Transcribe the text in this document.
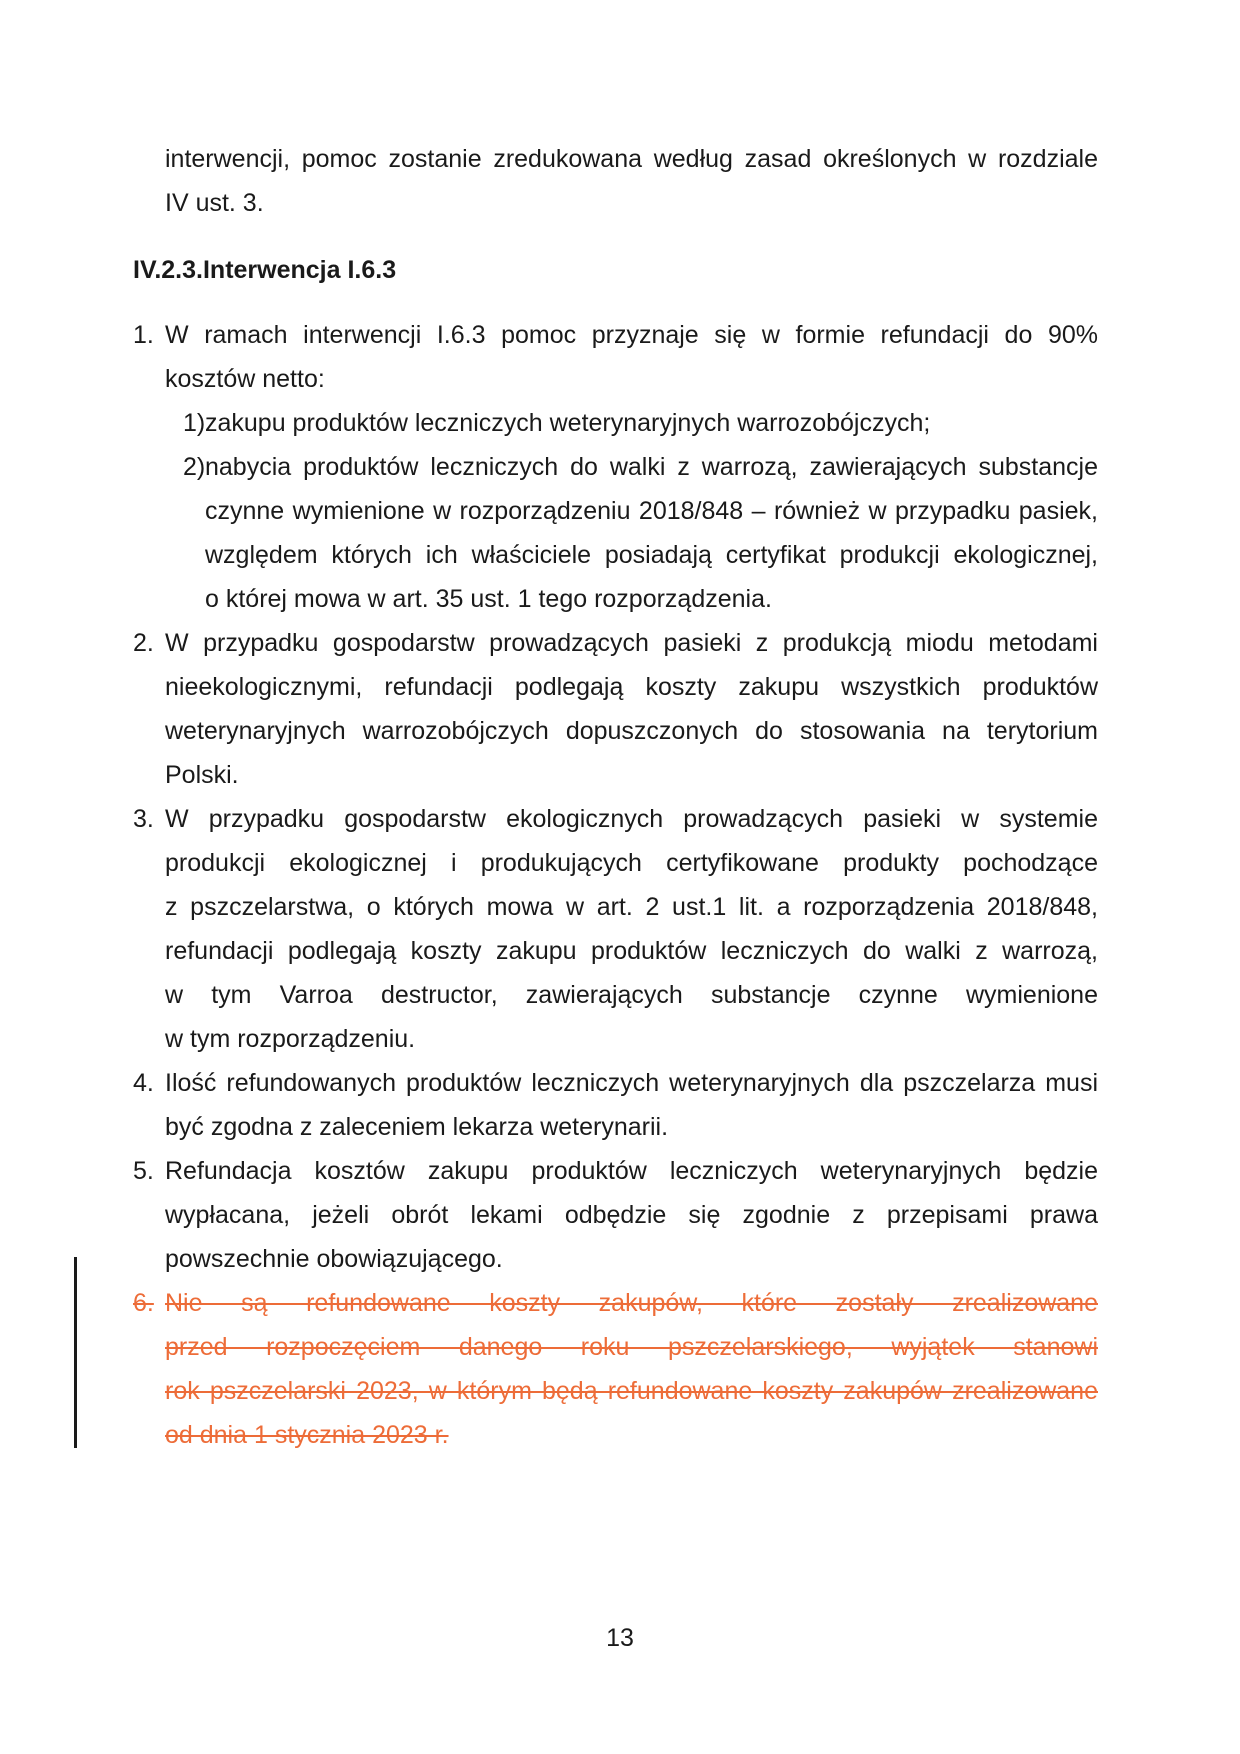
interwencji, pomoc zostanie zredukowana według zasad określonych w rozdziale
IV ust. 3.
IV.2.3.Interwencja I.6.3
1. W ramach interwencji I.6.3 pomoc przyznaje się w formie refundacji do 90%
kosztów netto:
1) zakupu produktów leczniczych weterynaryjnych warrozobójczych;
2) nabycia produktów leczniczych do walki z warrozą, zawierających substancje
czynne wymienione w rozporządzeniu 2018/848 – również w przypadku pasiek,
względem których ich właściciele posiadają certyfikat produkcji ekologicznej,
o której mowa w art. 35 ust. 1 tego rozporządzenia.
2. W przypadku gospodarstw prowadzących pasieki z produkcją miodu metodami
nieekologicznymi, refundacji podlegają koszty zakupu wszystkich produktów
weterynaryjnych warrozobójczych dopuszczonych do stosowania na terytorium
Polski.
3. W przypadku gospodarstw ekologicznych prowadzących pasieki w systemie
produkcji ekologicznej i produkujących certyfikowane produkty pochodzące
z pszczelarstwa, o których mowa w art. 2 ust.1 lit. a rozporządzenia 2018/848,
refundacji podlegają koszty zakupu produktów leczniczych do walki z warrozą,
w tym Varroa destructor, zawierających substancje czynne wymienione
w tym rozporządzeniu.
4. Ilość refundowanych produktów leczniczych weterynaryjnych dla pszczelarza musi
być zgodna z zaleceniem lekarza weterynarii.
5. Refundacja kosztów zakupu produktów leczniczych weterynaryjnych będzie
wypłacana, jeżeli obrót lekami odbędzie się zgodnie z przepisami prawa
powszechnie obowiązującego.
6. Nie są refundowane koszty zakupów, które zostały zrealizowane
przed rozpoczęciem danego roku pszczelarskiego, wyjątek stanowi
rok pszczelarski 2023, w którym będą refundowane koszty zakupów zrealizowane
od dnia 1 stycznia 2023 r.
13
